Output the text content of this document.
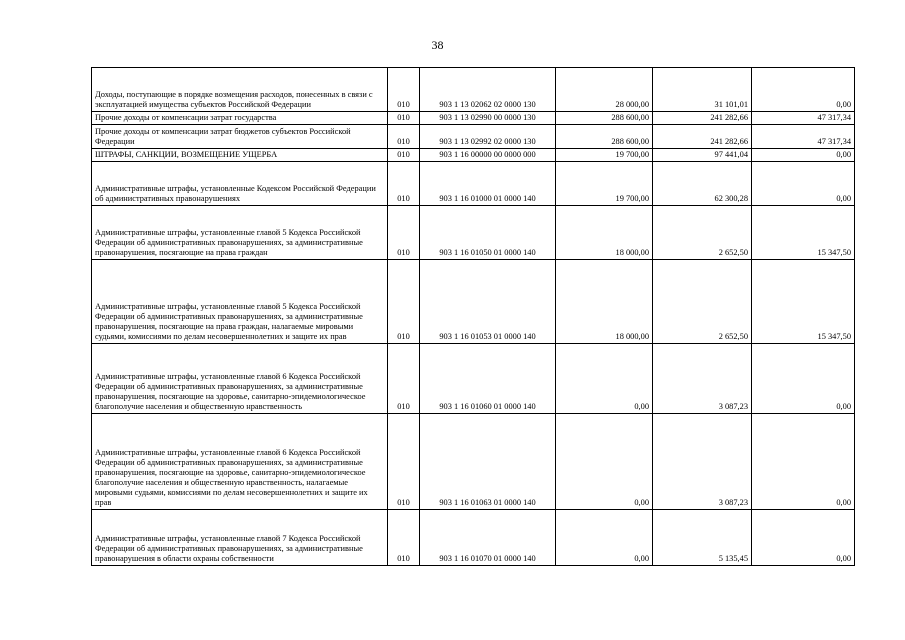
38
Доходы, поступающие в порядке возмещения расходов, понесенных в связи с эксплуатацией имущества субъектов Российской Федерации	010	903 1 13 02062 02 0000 130	28 000,00	31 101,01	0,00
Прочие доходы от компенсации затрат государства	010	903 1 13 02990 00 0000 130	288 600,00	241 282,66	47 317,34
Прочие доходы от компенсации затрат бюджетов субъектов Российской Федерации	010	903 1 13 02992 02 0000 130	288 600,00	241 282,66	47 317,34
ШТРАФЫ, САНКЦИИ, ВОЗМЕЩЕНИЕ УЩЕРБА	010	903 1 16 00000 00 0000 000	19 700,00	97 441,04	0,00
Административные штрафы, установленные Кодексом Российской Федерации об административных правонарушениях	010	903 1 16 01000 01 0000 140	19 700,00	62 300,28	0,00
Административные штрафы, установленные главой 5 Кодекса Российской Федерации об административных правонарушениях, за административные правонарушения, посягающие на права граждан	010	903 1 16 01050 01 0000 140	18 000,00	2 652,50	15 347,50
Административные штрафы, установленные главой 5 Кодекса Российской Федерации об административных правонарушениях, за административные правонарушения, посягающие на права граждан, налагаемые мировыми судьями, комиссиями по делам несовершеннолетних и защите их прав	010	903 1 16 01053 01 0000 140	18 000,00	2 652,50	15 347,50
Административные штрафы, установленные главой 6 Кодекса Российской Федерации об административных правонарушениях, за административные правонарушения, посягающие на здоровье, санитарно-эпидемиологическое благополучие населения и общественную нравственность	010	903 1 16 01060 01 0000 140	0,00	3 087,23	0,00
Административные штрафы, установленные главой 6 Кодекса Российской Федерации об административных правонарушениях, за административные правонарушения, посягающие на здоровье, санитарно-эпидемиологическое благополучие населения и общественную нравственность, налагаемые мировыми судьями, комиссиями по делам несовершеннолетних и защите их прав	010	903 1 16 01063 01 0000 140	0,00	3 087,23	0,00
Административные штрафы, установленные главой 7 Кодекса Российской Федерации об административных правонарушениях, за административные правонарушения в области охраны собственности	010	903 1 16 01070 01 0000 140	0,00	5 135,45	0,00
